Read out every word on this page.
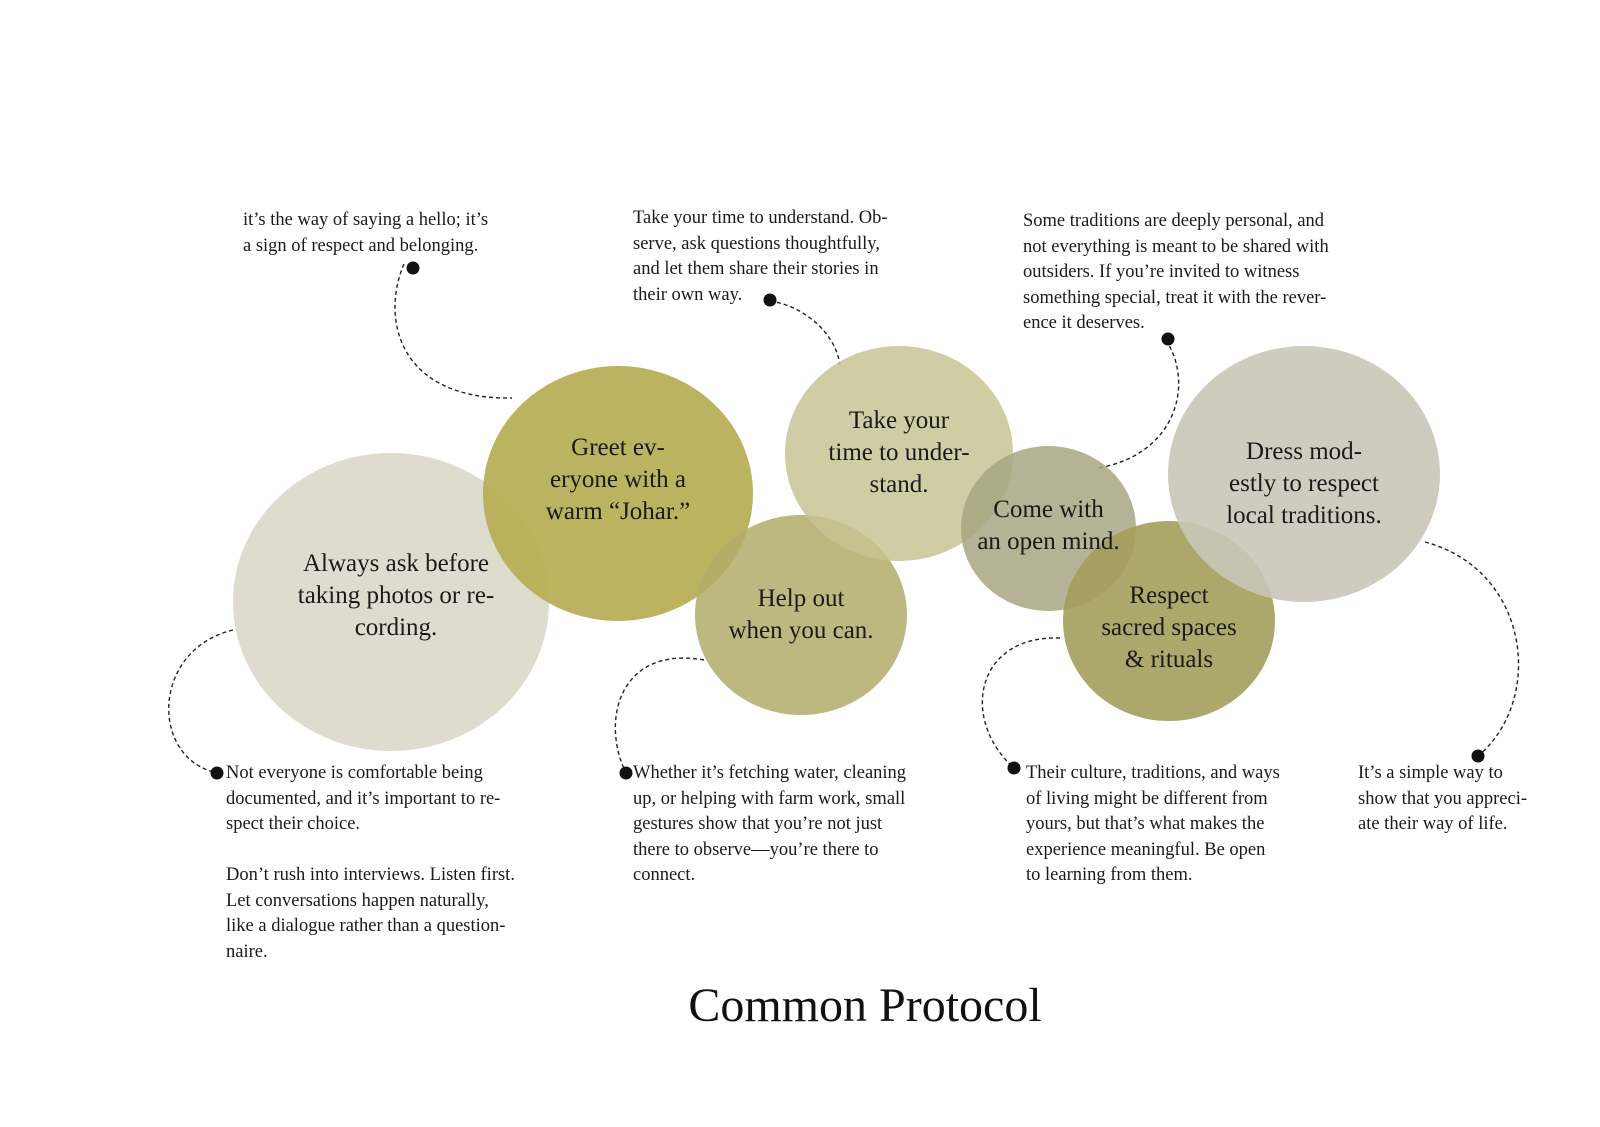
Always ask before
taking photos or re-
cording.
Greet ev-
eryone with a
warm “Johar.”
Help out
when you can.
Take your
time to under-
stand.
Come with
an open mind.
Respect
sacred spaces
& rituals
Dress mod-
estly to respect
local traditions.
it’s the way of saying a hello; it’s
a sign of respect and belonging.
Take your time to understand. Ob-
serve, ask questions thoughtfully,
and let them share their stories in
their own way.
Some traditions are deeply personal, and
not everything is meant to be shared with
outsiders. If you’re invited to witness
something special, treat it with the rever-
ence it deserves.
Not everyone is comfortable being
documented, and it’s important to re-
spect their choice.
Don’t rush into interviews. Listen first.
Let conversations happen naturally,
like a dialogue rather than a question-
naire.
Whether it’s fetching water, cleaning
up, or helping with farm work, small
gestures show that you’re not just
there to observe—you’re there to
connect.
Their culture, traditions, and ways
of living might be different from
yours, but that’s what makes the
experience meaningful. Be open
to learning from them.
It’s a simple way to
show that you appreci-
ate their way of life.
Common Protocol
